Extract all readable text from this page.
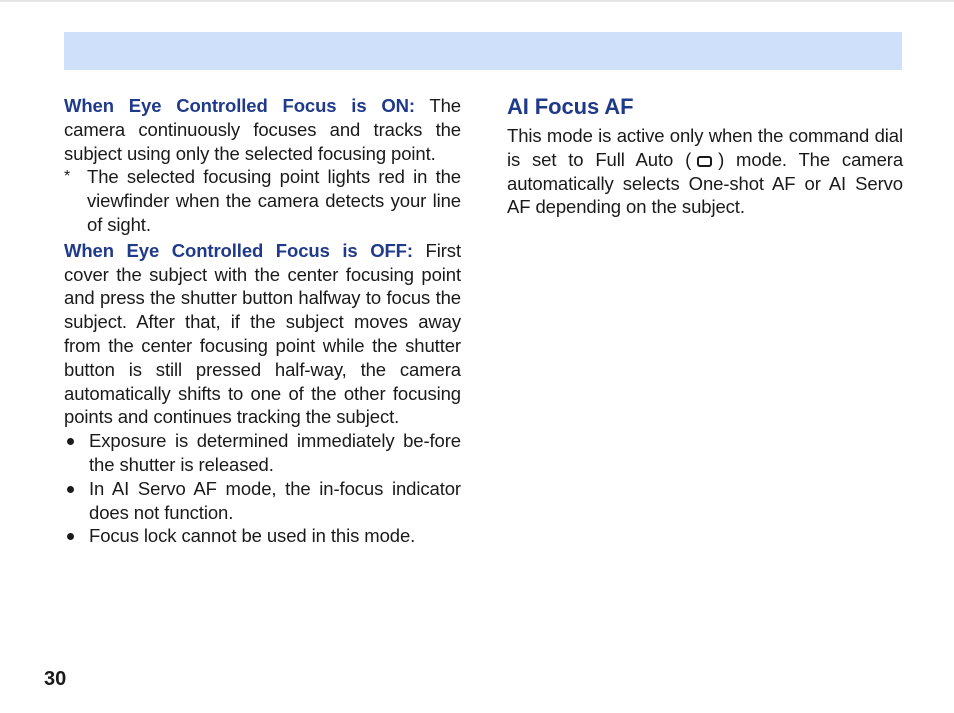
When Eye Controlled Focus is ON: The camera continuously focuses and tracks the subject using only the selected focusing point.

* The selected focusing point lights red in the viewfinder when the camera detects your line of sight.

When Eye Controlled Focus is OFF: First cover the subject with the center focusing point and press the shutter button halfway to focus the subject. After that, if the subject moves away from the center focusing point while the shutter button is still pressed half-way, the camera automatically shifts to one of the other focusing points and continues tracking the subject.

Exposure is determined immediately be-fore the shutter is released.
In AI Servo AF mode, the in-focus indicator does not function.
Focus lock cannot be used in this mode.
AI Focus AF

This mode is active only when the command dial is set to Full Auto ( ) mode. The camera automatically selects One-shot AF or AI Servo AF depending on the subject.

30
